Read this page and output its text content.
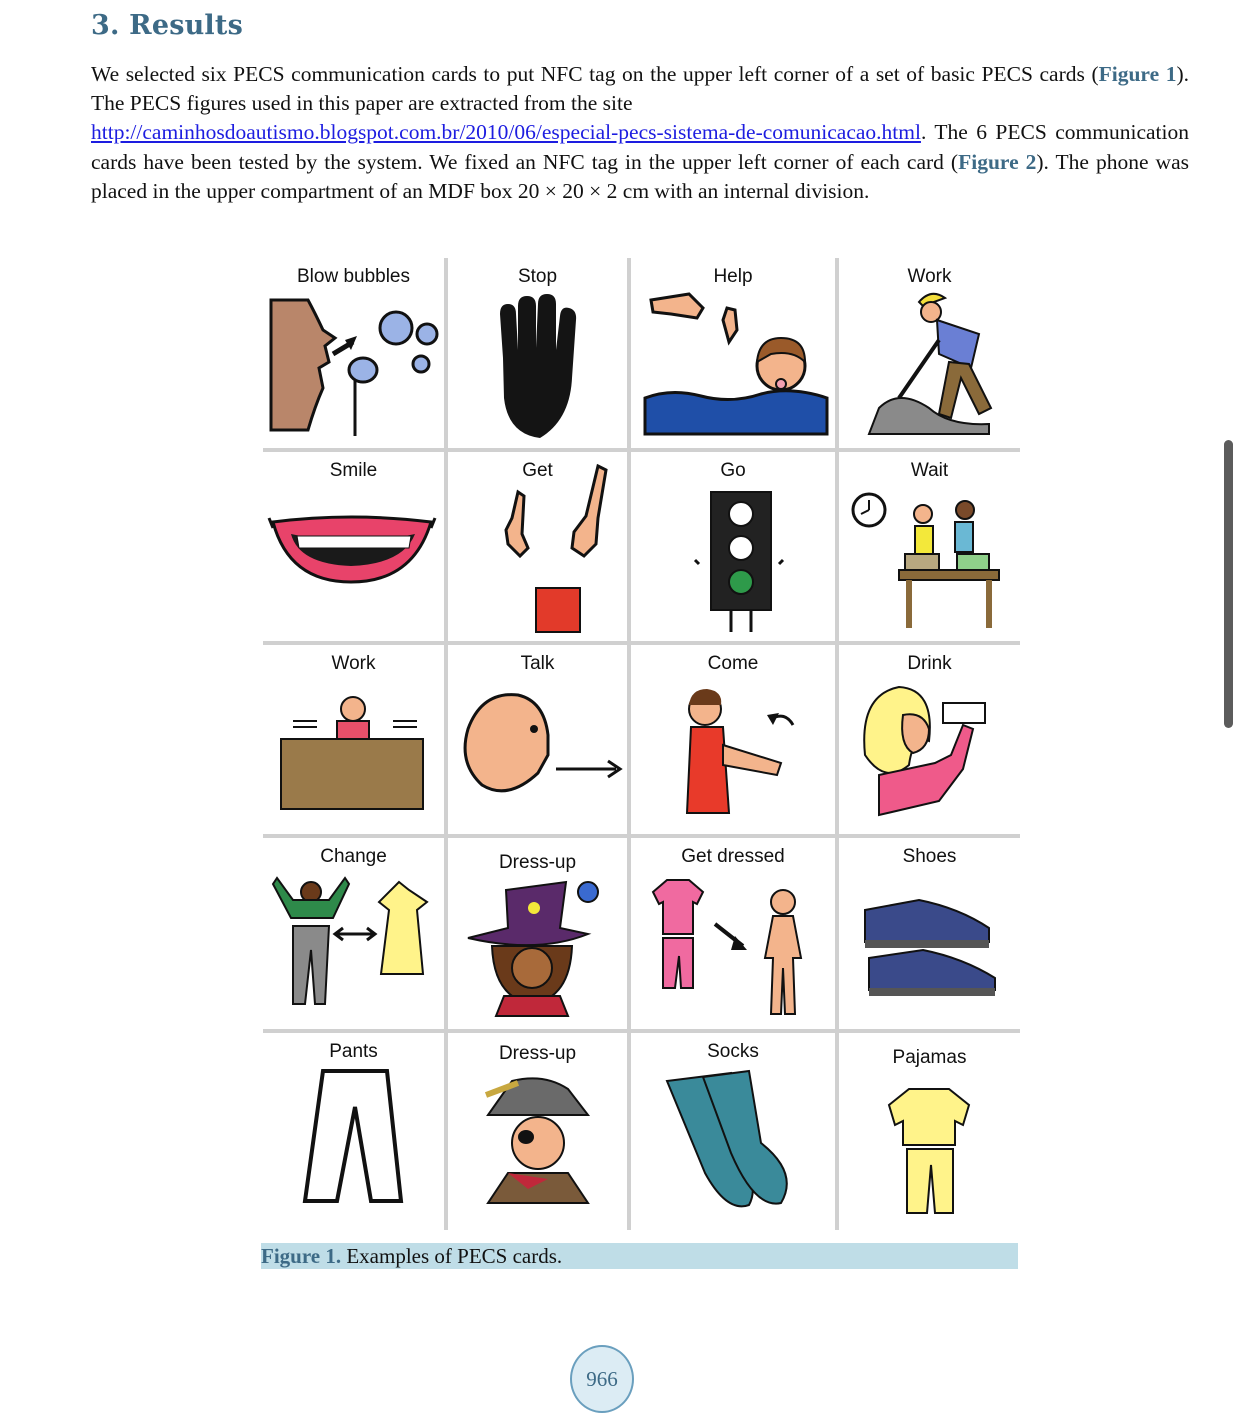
3. Results

We selected six PECS communication cards to put NFC tag on the upper left corner of a set of basic PECS cards (Figure 1). The PECS figures used in this paper are extracted from the site
http://caminhosdoautismo.blogspot.com.br/2010/06/especial-pecs-sistema-de-comunicacao.html. The 6 PECS communication cards have been tested by the system. We fixed an NFC tag in the upper left corner of each card (Figure 2). The phone was placed in the upper compartment of an MDF box 20 × 20 × 2 cm with an internal division.

Blow bubbles	Stop	Help	Work
Smile	Get	Go	Wait
Work	Talk	Come	Drink
Change	Dress-up	Get dressed	Shoes
Pants	Dress-up	Socks	Pajamas
Figure 1. Examples of PECS cards.
966
